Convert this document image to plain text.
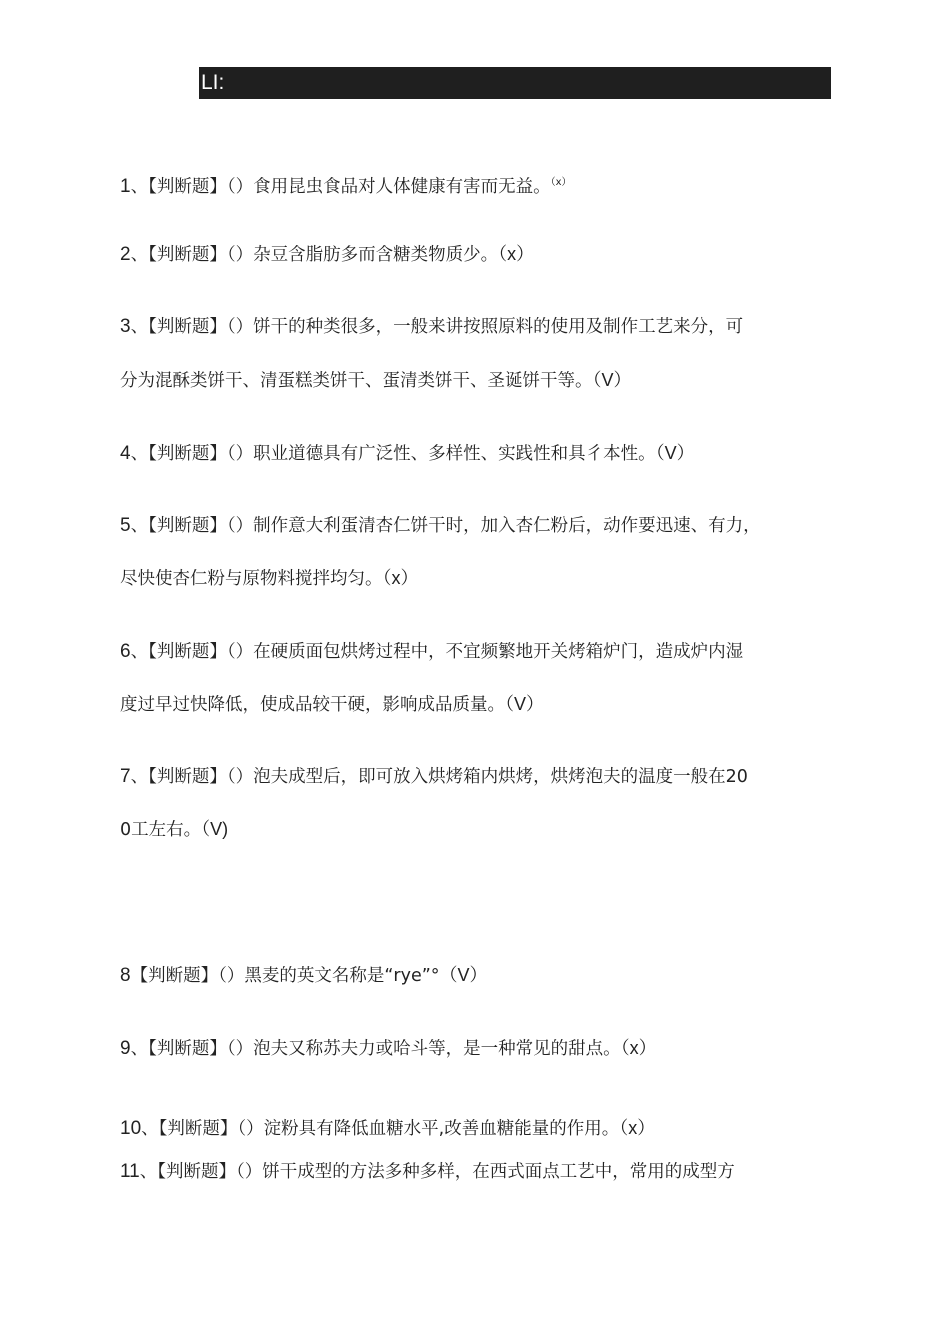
LI:
1、【判断题】（）食用昆虫食品对人体健康有害而无益。$^{(x)}$
2、【判断题】（）杂豆含脂肪多而含糖类物质少。（x）
3、【判断题】（）饼干的种类很多，一般来讲按照原料的使用及制作工艺来分，可
分为混酥类饼干、清蛋糕类饼干、蛋清类饼干、圣诞饼干等。（V）
4、【判断题】（）职业道德具有广泛性、多样性、实践性和具彳本性。（V）
5、【判断题】（）制作意大利蛋清杏仁饼干时，加入杏仁粉后，动作要迅速、有力，
尽快使杏仁粉与原物料搅拌均匀。（x）
6、【判断题】（）在硬质面包烘烤过程中，不宜频繁地开关烤箱炉门，造成炉内湿
度过早过快降低，使成品较干硬，影响成品质量。（V）
7、【判断题】（）泡夫成型后，即可放入烘烤箱内烘烤，烘烤泡夫的温度一般在20
0工左右。（V)
8【判断题】（）黑麦的英文名称是“rye”°（V）
9、【判断题】（）泡夫又称苏夫力或哈斗等，是一种常见的甜点。（x）
10、【判断题】（）淀粉具有降低血糖水平,改善血糖能量的作用。（x）
11、【判断题】（）饼干成型的方法多种多样，在西式面点工艺中，常用的成型方
